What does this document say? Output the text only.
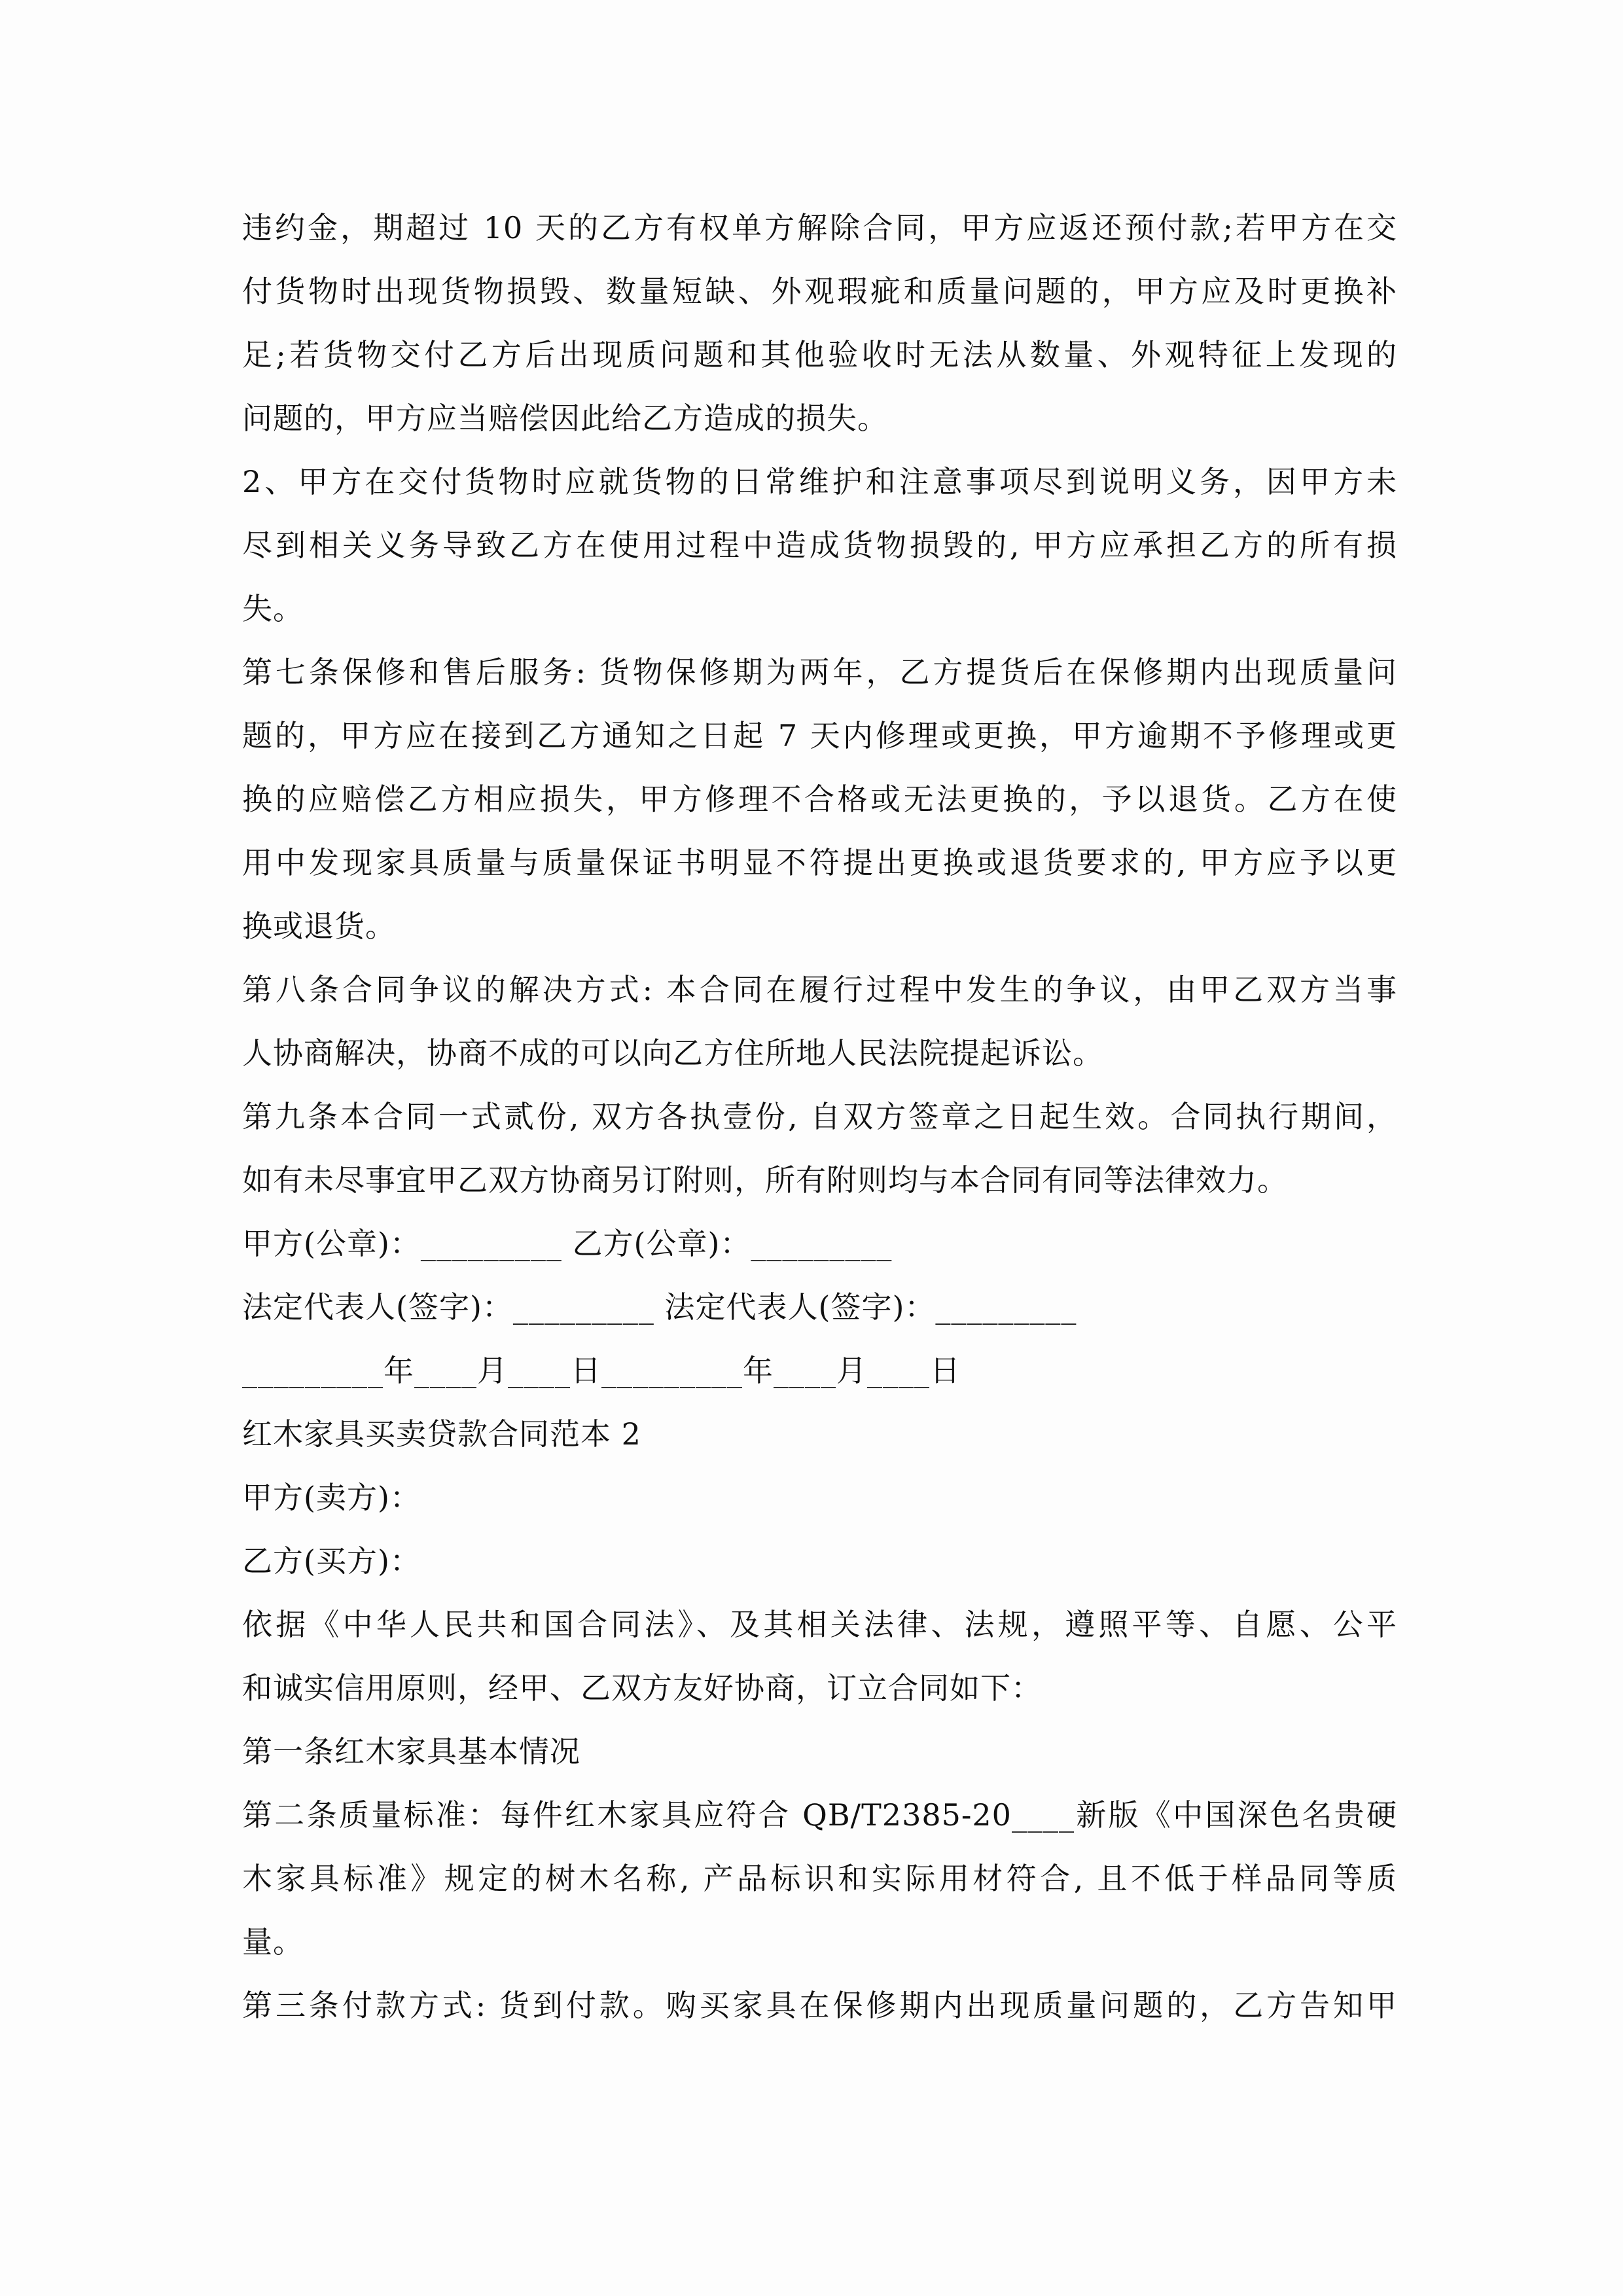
违约金，期超过 10 天的乙方有权单方解除合同，甲方应返还预付款;若甲方在交
付货物时出现货物损毁、数量短缺、外观瑕疵和质量问题的，甲方应及时更换补
足;若货物交付乙方后出现质问题和其他验收时无法从数量、外观特征上发现的
问题的，甲方应当赔偿因此给乙方造成的损失。
2、甲方在交付货物时应就货物的日常维护和注意事项尽到说明义务，因甲方未
尽到相关义务导致乙方在使用过程中造成货物损毁的, 甲方应承担乙方的所有损
失。
第七条保修和售后服务: 货物保修期为两年，乙方提货后在保修期内出现质量问
题的，甲方应在接到乙方通知之日起 7 天内修理或更换，甲方逾期不予修理或更
换的应赔偿乙方相应损失，甲方修理不合格或无法更换的，予以退货。乙方在使
用中发现家具质量与质量保证书明显不符提出更换或退货要求的, 甲方应予以更
换或退货。
第八条合同争议的解决方式: 本合同在履行过程中发生的争议，由甲乙双方当事
人协商解决，协商不成的可以向乙方住所地人民法院提起诉讼。
第九条本合同一式贰份, 双方各执壹份, 自双方签章之日起生效。合同执行期间，
如有未尽事宜甲乙双方协商另订附则，所有附则均与本合同有同等法律效力。
甲方(公章)：_________ 乙方(公章)：_________
法定代表人(签字)：_________ 法定代表人(签字)：_________
_________年____月____日_________年____月____日
红木家具买卖贷款合同范本 2
甲方(卖方)：
乙方(买方)：
依据《中华人民共和国合同法》、及其相关法律、法规，遵照平等、自愿、公平
和诚实信用原则，经甲、乙双方友好协商，订立合同如下：
第一条红木家具基本情况
第二条质量标准：每件红木家具应符合 QB/T2385-20____新版《中国深色名贵硬
木家具标准》规定的树木名称, 产品标识和实际用材符合, 且不低于样品同等质
量。
第三条付款方式: 货到付款。购买家具在保修期内出现质量问题的，乙方告知甲
